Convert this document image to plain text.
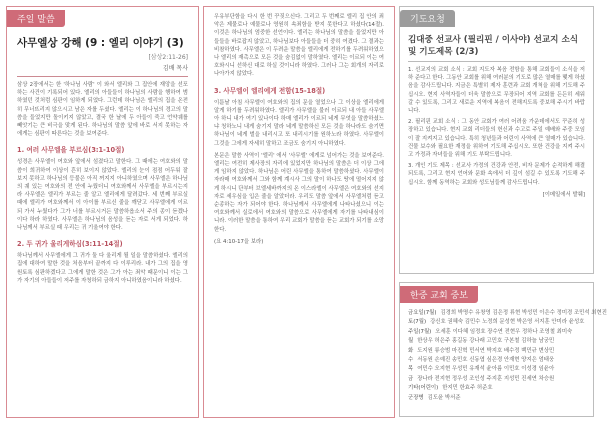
주일 말씀
사무엘상 강해 (9 : 엘리 이야기 (3)
[삼상2:11-26]
김배 목사
삼상 2장에서는 한 '하나님 사람' 이 와서 엘리와 그 집안에 재앙을 선포하는 사건이 기록되어 있다. 엘리의 아들들이 하나님의 사람을 행하여 범하였던 것처럼 심판이 임하게 되었다. 그런데 하나님은 엘리의 집을 온전히 무너뜨리지 않으시고 남은 자를 두셨다. 엘리는 이 하나님의 경고의 말씀을 들었지만 돌이키지 않았고, 결국 한 날에 두 아들이 죽고 언약궤를 빼앗기는 큰 비극을 맞게 된다. 하나님의 말씀 앞에 바로 서지 못하는 자에게는 심판이 따른다는 것을 보여준다.
1. 여러 사무엘을 부르심(3:1-10절)
성경은 사무엘이 여호와 앞에서 섬겼다고 말한다. 그 때에는 여호와의 말씀이 희귀하여 이상이 흔히 보이지 않았다. 엘리의 눈이 점점 어두워 잘 보지 못하고 하나님의 등불은 아직 꺼지지 아니하였으며 사무엘은 하나님의 궤 있는 여호와의 전 안에 누웠더니 여호와께서 사무엘을 부르시는지라 사무엘은 엘리가 부르는 줄 알고 엘리에게 달려갔다. 세 번째 부르실 때에 엘리가 여호와께서 이 아이를 부르신 줄을 깨닫고 사무엘에게 이르되 가서 누웠다가 그가 너를 부르시거든 말씀하옵소서 주의 종이 듣겠나이다 하라 하였다. 사무엘은 하나님의 음성을 듣는 자로 서게 되었다. 하나님께서 부르실 때 우리는 귀 기울여야 한다.
2. 두 귀가 울리게하심(3:11-14절)
하나님께서 사무엘에게 그 귀가 둘 다 울리게 될 일을 말씀하셨다. 엘리의 집에 대하여 말한 것을 처음부터 끝까지 다 이루리라. 내가 그의 집을 영원토록 심판하겠다고 그에게 말한 것은 그가 아는 죄악 때문이니 이는 그가 자기의 아들들이 저주를 자청하되 금하지 아니하였음이니라 하셨다.
우유부단함을 다시 한 번 꾸짖으신다. 그리고 두 번째로 엘리 집 안의 죄악은 제물로나 예물로나 영원히 속죄함을 받지 못한다고 하셨다(14절). 이것은 하나님의 엄중한 선언이다. 엘리는 하나님의 말씀을 들었지만 아들들을 바로잡지 않았고, 하나님보다 아들들을 더 중히 여겼다. 그 결과는 비참하였다. 사무엘은 이 두려운 말씀을 엘리에게 전하기를 두려워하였으나 엘리의 재촉으로 모든 것을 숨김없이 말하였다. 엘리는 이르되 이는 여호와시니 선하신 대로 하실 것이니라 하였다. 그러나 그는 회개의 자리로 나아가지 않았다.
3. 사무엘이 엘리에게 전함(15-18절)
이튿날 아침 사무엘이 여호와의 집의 문을 열었으나 그 이상을 엘리에게 알게 하기를 두려워하였다. 엘리가 사무엘을 불러 이르되 내 아들 사무엘아 하니 내가 여기 있나이다 하매 엘리가 이르되 네게 무엇을 말씀하셨느냐 청하노니 내게 숨기지 말라 네게 말씀하신 모든 것을 하나라도 숨기면 하나님이 네게 벌을 내리시고 또 내리시기를 원하노라 하였다. 사무엘이 그것을 그에게 자세히 말하고 조금도 숨기지 아니하였다.
본문은 말씀 사역이 '엘리' 에서 '사무엘' 에게로 넘어가는 것을 보여준다. 엘리는 여전히 제사장의 자리에 있었지만 하나님의 말씀은 더 이상 그에게 임하지 않았다. 하나님은 어린 사무엘을 통하여 말씀하셨다. 사무엘이 자라매 여호와께서 그와 함께 계시사 그의 말이 하나도 땅에 떨어지지 않게 하시니 단부터 브엘세바까지의 온 이스라엘이 사무엘은 여호와의 선지자로 세우심을 입은 줄을 알았더라. 우리도 말씀 앞에서 사무엘처럼 듣고 순종하는 자가 되어야 한다. 하나님께서 사무엘에게 나타나셨으니 이는 여호와께서 실로에서 여호와의 말씀으로 사무엘에게 자기를 나타내심이니라. 이러한 말씀을 통하여 우리 교회가 말씀을 듣는 교회가 되기를 소망한다.
(요 4:10-17을 보라)
기도요청
김대중 선교사 (필리핀 / 이사야) 선교지 소식 및 기도제목 (2/3)
1. 선교지의 교회 소식 : 교회 지도자 복음 전함을 통해 교회들이 소식을 저하 준다고 한다. 그동안 교회를 위해 여러분의 기도로 많은 열매를 맺게 하셨음을 감사드립니다. 지금은 특별히 제자 훈련과 교회 개척을 위해 기도해 주십시오. 현지 사역자들이 더욱 말씀으로 무장되어 지역 교회를 든든히 세워갈 수 있도록, 그리고 새로운 지역에 복음이 전해지도록 중보해 주시기 바랍니다.
2. 필리핀 교회 소식 : 그 동안 교회가 여러 어려움 가운데에서도 꾸준히 성장하고 있습니다. 현지 교회 리더들의 헌신과 수고로 주일 예배와 주중 모임이 잘 지켜지고 있습니다. 특히 청년들과 어린이 사역에 큰 열매가 있습니다. 건물 보수와 필요한 재정을 위하여 기도해 주십시오. 또한 건강을 지켜 주시고 가정과 자녀들을 위해 기도 부탁드립니다.
3. 개인 기도 제목 : 선교사 가정의 건강과 안전, 비자 문제가 순적하게 해결되도록, 그리고 현지 언어와 문화 속에서 더 깊이 섬길 수 있도록 기도해 주십시오. 함께 동역하는 교회와 성도님들께 감사드립니다.
[이메일에서 발췌]
한중 교회 중보
금요일(7월) 김경희 박명수 유창영 김은정 류현 박성민 이은수 정미경 조민석 최현진
토(7월) 강신호 권혜숙 김민수 노정희 문성현 박은영 서지훈 안미라 윤성호
주일(7월) 오세훈 이다혜 임정호 장수연 전현우 정하나 조영철 최미숙
월 한상우 허은주 홍길동 강나래 고민호 구본철 김하늘 남궁민
화 도지원 류승범 마진혁 민서연 박지호 배수정 백민규 변상민
수 서동원 손예진 송민호 신동엽 심은경 안재현 양지은 엄태웅
목 여민수 오지현 우성민 유재석 윤아름 이민호 이성경 임윤아
금 장나라 전지현 정우성 조인성 주지훈 지성민 진세연 차승원
기타(어린이) 한지민 한효주 허준호
군장병 김도윤 박서준
